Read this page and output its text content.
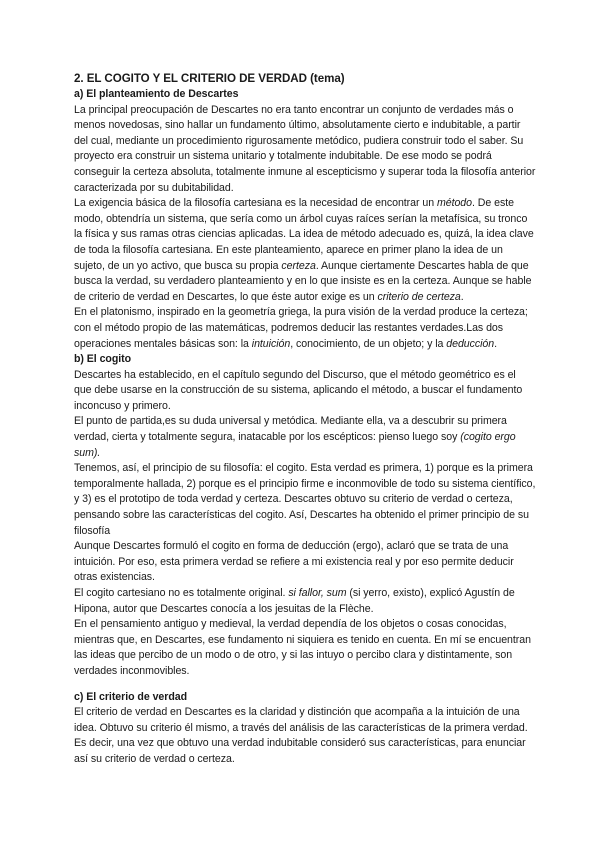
2. EL COGITO Y EL CRITERIO DE VERDAD (tema)

a) El planteamiento de Descartes

La principal preocupación de Descartes no era tanto encontrar un conjunto de verdades más o menos novedosas, sino hallar un fundamento último, absolutamente cierto e indubitable, a partir del cual, mediante un procedimiento rigurosamente metódico, pudiera construir todo el saber. Su proyecto era construir un sistema unitario y totalmente indubitable. De ese modo se podrá conseguir la certeza absoluta, totalmente inmune al escepticismo y superar toda la filosofía anterior caracterizada por su dubitabilidad.

La exigencia básica de la filosofía cartesiana es la necesidad de encontrar un método. De este modo, obtendría un sistema, que sería como un árbol cuyas raíces serían la metafísica, su tronco la física y sus ramas otras ciencias aplicadas. La idea de método adecuado es, quizá, la idea clave de toda la filosofía cartesiana. En este planteamiento, aparece en primer plano la idea de un sujeto, de un yo activo, que busca su propia certeza. Aunque ciertamente Descartes habla de que busca la verdad, su verdadero planteamiento y en lo que insiste es en la certeza. Aunque se hable de criterio de verdad en Descartes, lo que éste autor exige es un criterio de certeza.

En el platonismo, inspirado en la geometría griega, la pura visión de la verdad produce la certeza; con el método propio de las matemáticas, podremos deducir las restantes verdades.Las dos operaciones mentales básicas son: la intuición, conocimiento, de un objeto; y la deducción.

b) El cogito

Descartes ha establecido, en el capítulo segundo del Discurso, que el método geométrico es el que debe usarse en la construcción de su sistema, aplicando el método, a buscar el fundamento inconcuso y primero.

El punto de partida,es su duda universal y metódica. Mediante ella, va a descubrir su primera verdad, cierta y totalmente segura, inatacable por los escépticos: pienso luego soy (cogito ergo sum).

Tenemos, así, el principio de su filosofía: el cogito. Esta verdad es primera, 1) porque es la primera temporalmente hallada, 2) porque es el principio firme e inconmovible de todo su sistema científico, y 3) es el prototipo de toda verdad y certeza. Descartes obtuvo su criterio de verdad o certeza, pensando sobre las características del cogito. Así, Descartes ha obtenido el primer principio de su filosofía

Aunque Descartes formuló el cogito en forma de deducción (ergo), aclaró que se trata de una intuición. Por eso, esta primera verdad se refiere a mi existencia real y por eso permite deducir otras existencias.

El cogito cartesiano no es totalmente original. si fallor, sum (si yerro, existo), explicó Agustín de Hipona, autor que Descartes conocía a los jesuitas de la Flèche.

En el pensamiento antiguo y medieval, la verdad dependía de los objetos o cosas conocidas, mientras que, en Descartes, ese fundamento ni siquiera es tenido en cuenta. En mí se encuentran las ideas que percibo de un modo o de otro, y si las intuyo o percibo clara y distintamente, son verdades inconmovibles.

c) El criterio de verdad

El criterio de verdad en Descartes es la claridad y distinción que acompaña a la intuición de una idea. Obtuvo su criterio él mismo, a través del análisis de las características de la primera verdad. Es decir, una vez que obtuvo una verdad indubitable consideró sus características, para enunciar así su criterio de verdad o certeza.
